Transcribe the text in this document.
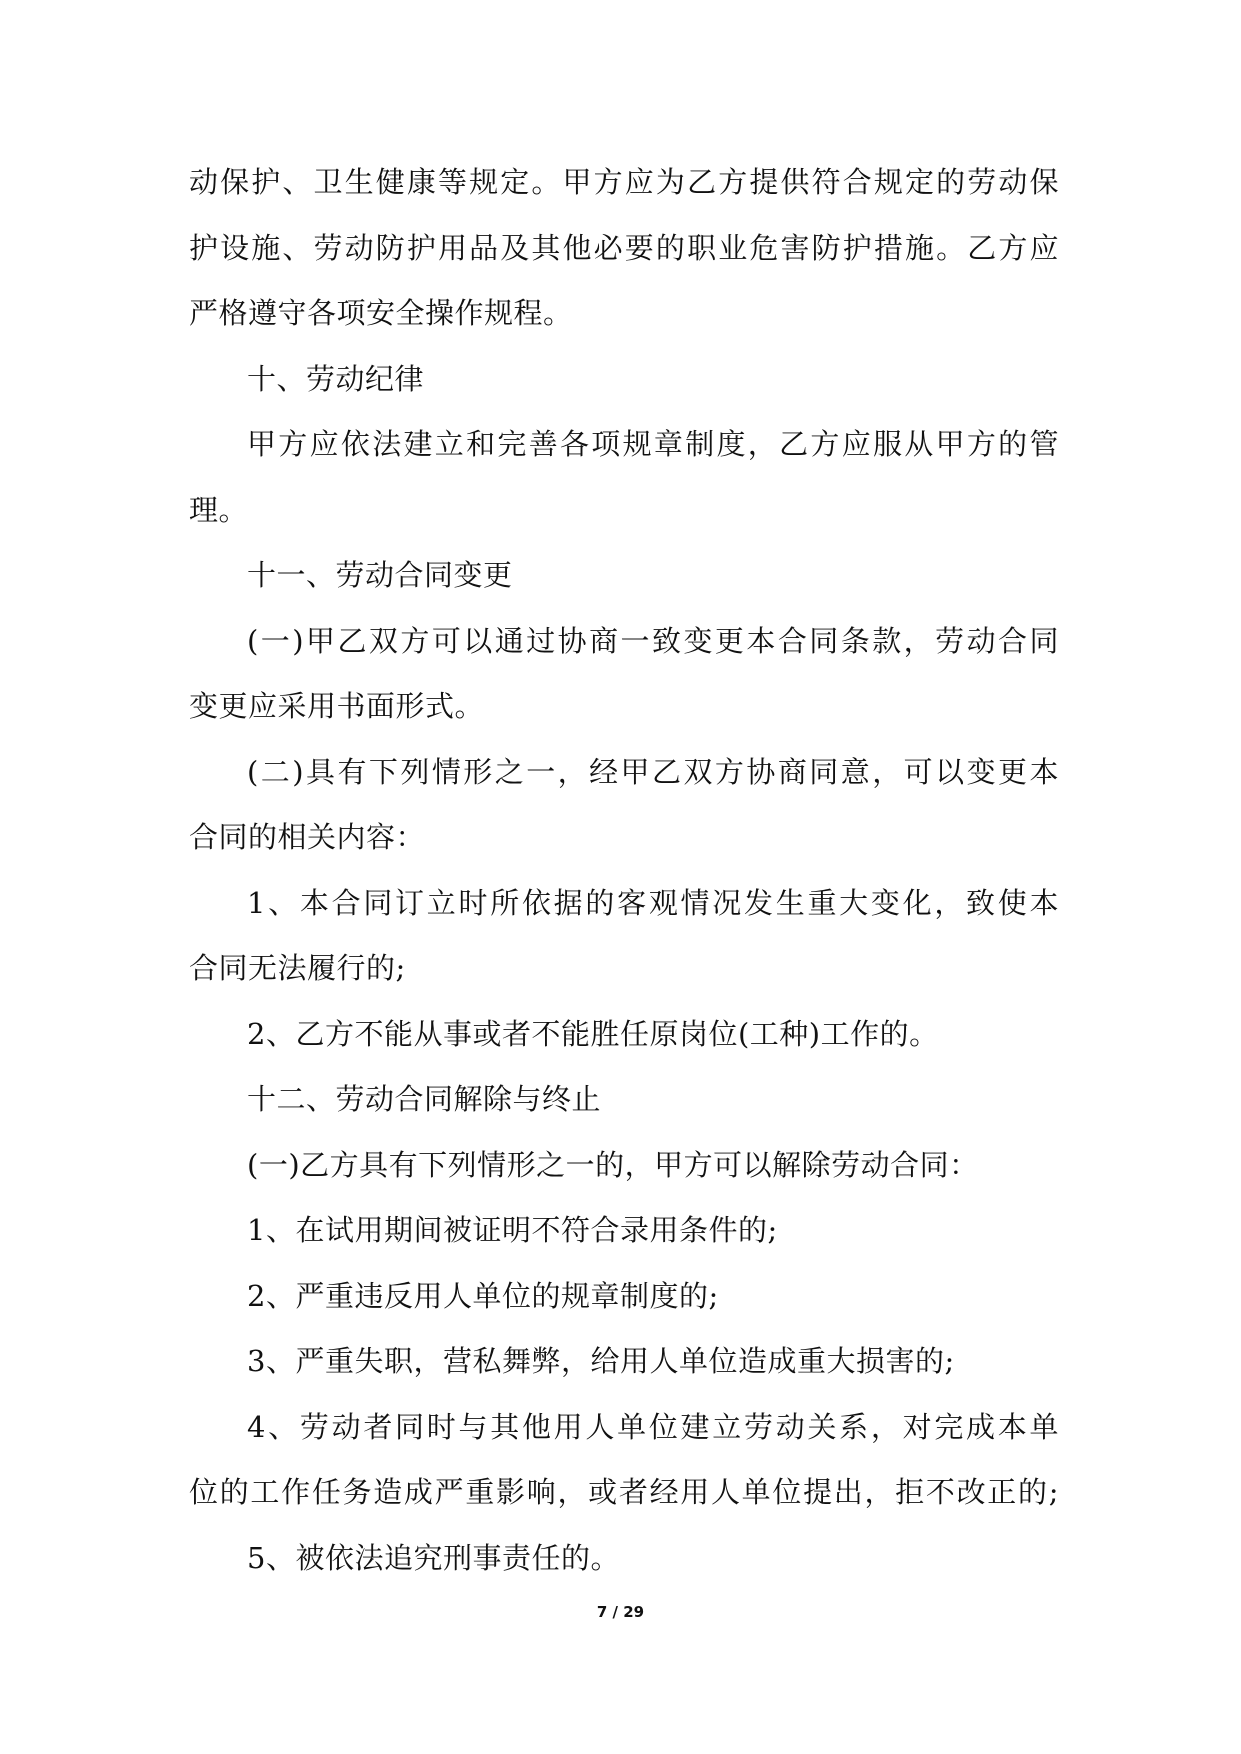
动保护、卫生健康等规定。甲方应为乙方提供符合规定的劳动保
护设施、劳动防护用品及其他必要的职业危害防护措施。乙方应
严格遵守各项安全操作规程。
十、劳动纪律
甲方应依法建立和完善各项规章制度，乙方应服从甲方的管
理。
十一、劳动合同变更
(一)甲乙双方可以通过协商一致变更本合同条款，劳动合同
变更应采用书面形式。
(二)具有下列情形之一，经甲乙双方协商同意，可以变更本
合同的相关内容：
1、本合同订立时所依据的客观情况发生重大变化，致使本
合同无法履行的;
2、乙方不能从事或者不能胜任原岗位(工种)工作的。
十二、劳动合同解除与终止
(一)乙方具有下列情形之一的，甲方可以解除劳动合同：
1、在试用期间被证明不符合录用条件的;
2、严重违反用人单位的规章制度的;
3、严重失职，营私舞弊，给用人单位造成重大损害的;
4、劳动者同时与其他用人单位建立劳动关系，对完成本单
位的工作任务造成严重影响，或者经用人单位提出，拒不改正的;
5、被依法追究刑事责任的。
7 / 29
